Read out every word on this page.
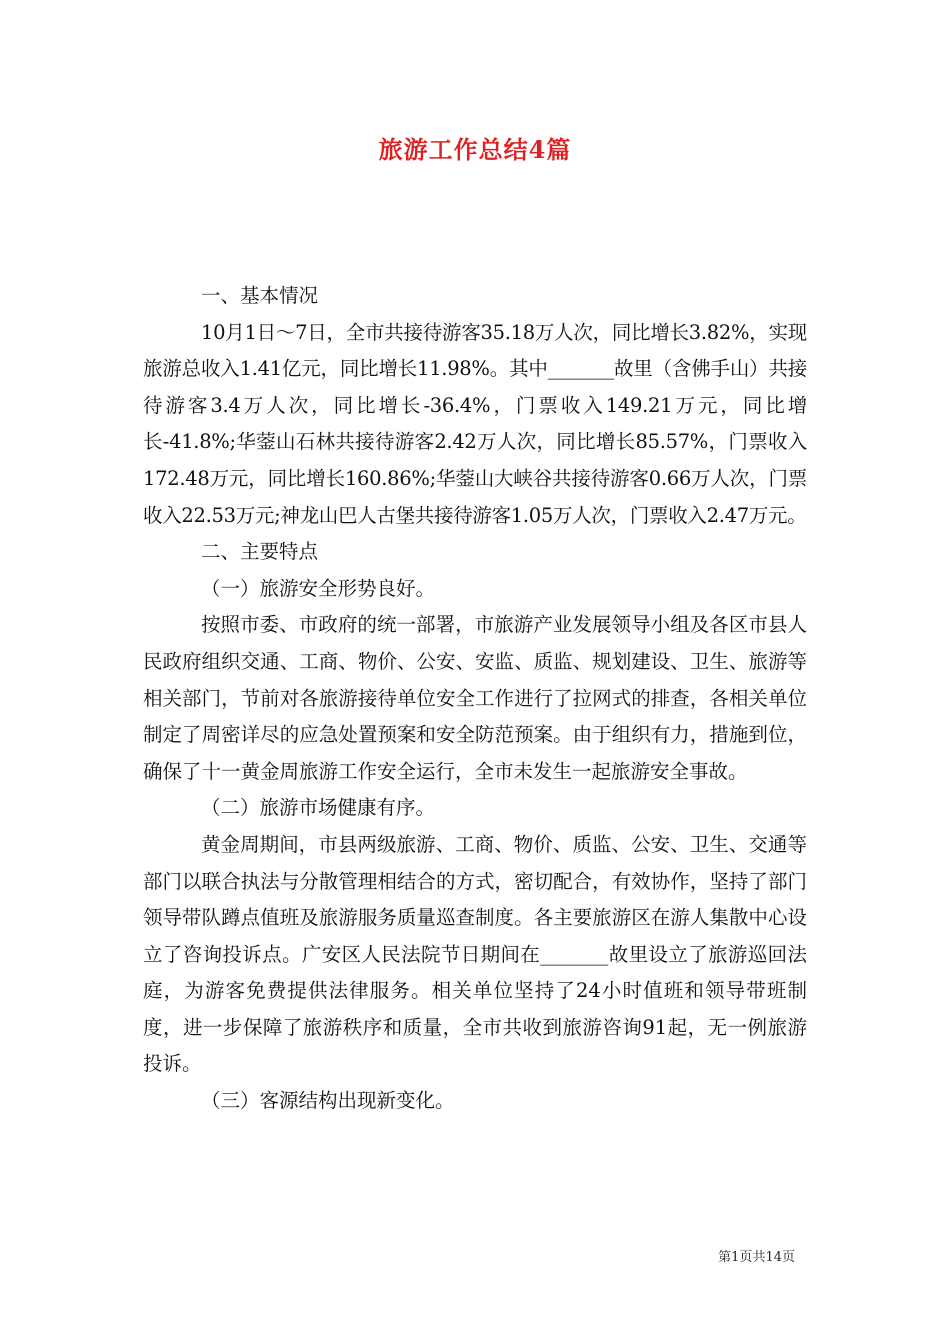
旅游工作总结4篇

一、基本情况

10月1日～7日，全市共接待游客35.18万人次，同比增长3.82%，实现旅游总收入1.41亿元，同比增长11.98%。其中_______故里（含佛手山）共接待游客3.4万人次，同比增长-36.4%，门票收入149.21万元，同比增长-41.8%;华蓥山石林共接待游客2.42万人次，同比增长85.57%，门票收入172.48万元，同比增长160.86%;华蓥山大峡谷共接待游客0.66万人次，门票收入22.53万元;神龙山巴人古堡共接待游客1.05万人次，门票收入2.47万元。

二、主要特点

（一）旅游安全形势良好。

按照市委、市政府的统一部署，市旅游产业发展领导小组及各区市县人民政府组织交通、工商、物价、公安、安监、质监、规划建设、卫生、旅游等相关部门，节前对各旅游接待单位安全工作进行了拉网式的排查，各相关单位制定了周密详尽的应急处置预案和安全防范预案。由于组织有力，措施到位，确保了十一黄金周旅游工作安全运行，全市未发生一起旅游安全事故。

（二）旅游市场健康有序。

黄金周期间，市县两级旅游、工商、物价、质监、公安、卫生、交通等部门以联合执法与分散管理相结合的方式，密切配合，有效协作，坚持了部门领导带队蹲点值班及旅游服务质量巡查制度。各主要旅游区在游人集散中心设立了咨询投诉点。广安区人民法院节日期间在_______故里设立了旅游巡回法庭，为游客免费提供法律服务。相关单位坚持了24小时值班和领导带班制度，进一步保障了旅游秩序和质量，全市共收到旅游咨询91起，无一例旅游投诉。

（三）客源结构出现新变化。

第1页共14页
